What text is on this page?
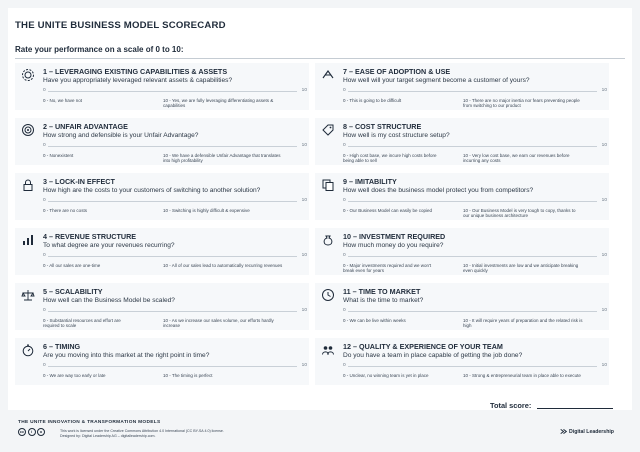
THE UNITE BUSINESS MODEL SCORECARD
Rate your performance on a scale of 0 to 10:
1 – LEVERAGING EXISTING CAPABILITIES & ASSETS
Have you appropriately leveraged relevant assets & capabilities?
0	10
0 - No, we have not	10 - Yes, we are fully leveraging differentiating assets & capabilities
7 – EASE OF ADOPTION & USE
How well will your target segment become a customer of yours?
0	10
0 - This is going to be difficult	10 - There are no major inertia nor fears preventing people from switching to our product
2 – UNFAIR ADVANTAGE
How strong and defensible is your Unfair Advantage?
0	10
0 - Nonexistent	10 - We have a defensible Unfair Advantage that translates into high profitability
8 – COST STRUCTURE
How well is my cost structure setup?
0	10
0 - High cost base, we incure high costs before being able to sell
10 - Very low cost base, we earn our revenues before incurring any costs
3 – LOCK-IN EFFECT
How high are the costs to your customers of switching to another solution?
0	10
0 - There are no costs	10 - Switching is highly difficult & expensive
9 – IMITABILITY
How well does the business model protect you from competitors?
0	10
0 - Our Business Model can easily be copied	10 - Our Business Model is very tough to copy, thanks to our unique business architecture
4 – REVENUE STRUCTURE
To what degree are your revenues recurring?
0	10
0 - All our sales are one-time	10 - All of our sales lead to automatically recurring revenues
10 – INVESTMENT REQUIRED
How much money do you require?
0	10
0 - Major investments required and we won't break even for years
10 - Initial investments are low and we anticipate breaking even quickly
5 – SCALABILITY
How well can the Business Model be scaled?
0	10
0 - Substantial resources and effort are required to scale
10 - As we increase our sales volume, our efforts hardly increase
11 – TIME TO MARKET
What is the time to market?
0	10
0 - We can be live within weeks	10 - It will require years of preparation and the related risk is high
6 – TIMING
Are you moving into this market at the right point in time?
0	10
0 - We are way too early or late	10 - The timing is perfect
12 – QUALITY & EXPERIENCE OF YOUR TEAM
Do you have a team in place capable of getting the job done?
0	10
0 - Unclear, no winning team is yet in place	10 - Strong & entrepreneurial team in place able to execute
Total score:
THE UNITE INNOVATION & TRANSFORMATION MODELS
cc	i	o	This work is licensed under the Creative Commons Attribution 4.0 International (CC BY-SA 4.0) license.
Designed by: Digital Leadership AG – digitalleadership.com.
Digital Leadership
